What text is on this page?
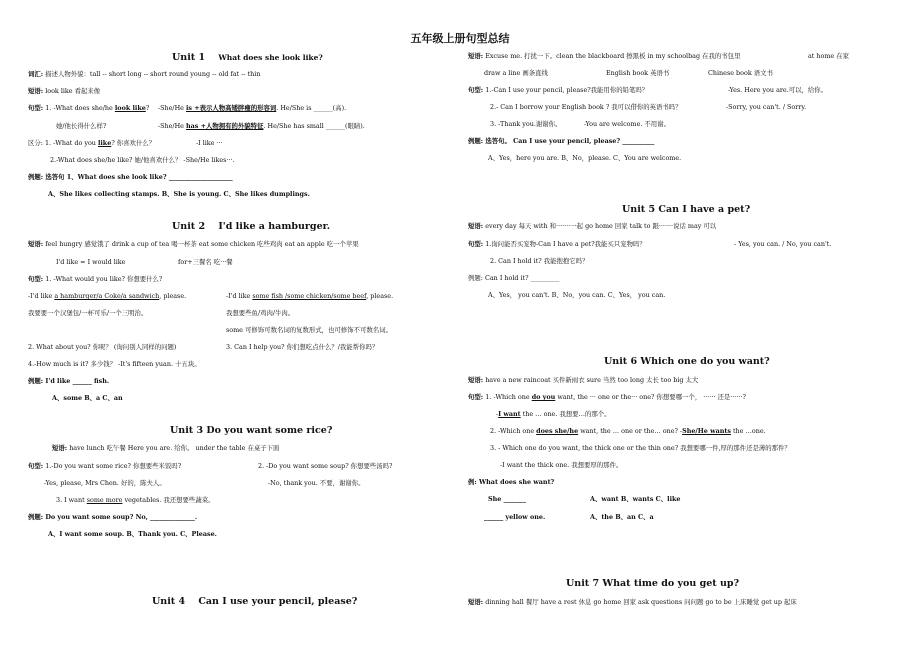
五年级上册句型总结
Unit 1 What does she look like?
词汇: 描述人物外貌：tall -- short long -- short round young -- old fat -- thin
短语: look like 看起来像
句型: 1. -What does she/he look like? -She/He is +表示人物高矮胖瘦的形容词. He/She is ______(高).
她/他长得什么样?	-She/He has +人物拥有的外貌特征. He/She has small ______(眼睛).
区分: 1. -What do you like? 你喜欢什么？	-I like ···
2.-What does she/he like? 她/他喜欢什么？ -She/He likes···.
例题: 选答句 1、What does she look like? ____________________
A、She likes collecting stamps. B、She is young. C、She likes dumplings.
Unit 2 I'd like a hamburger.
短语: feel hungry 感觉饿了 drink a cup of tea 喝一杯茶 eat some chicken 吃些鸡肉 eat an apple 吃一个苹果
I'd like = I would like	for+三餐名 吃···餐
句型: 1. -What would you like? 你想要什么?
-I'd like a hamburger/a Coke/a sandwich, please.	-I'd like some fish /some chicken/some beef, please.
我要要一个汉堡包/一杯可乐/一个三明治。	我想要些鱼/鸡肉/牛肉。
some 可修饰可数名词的复数形式，也可修饰不可数名词。
2. What about you? 你呢？ (询问别人同样的问题)	3. Can I help you? 你们想吃点什么？/我能帮你吗？
4.-How much is it? 多少钱？ -It's fifteen yuan. 十五块。
例题: I'd like ______ fish.
A、some B、a C、an
Unit 3 Do you want some rice?
短语: have lunch 吃午餐 Here you are. 给你。 under the table 在桌子下面
句型: 1.-Do you want some rice? 你想要些米饭吗?	2. -Do you want some soup? 你想要些汤吗?
-Yes, please, Mrs Chen. 好的，陈夫人。	-No, thank you. 不要，谢谢你。
3. I want some more vegetables. 我还想要些蔬菜。
例题: Do you want some soup? No, ______________.
A、I want some soup. B、Thank you. C、Please.
Unit 4 Can I use your pencil, please?
短语: Excuse me. 打扰一下。clean the blackboard 擦黑板 in my schoolbag 在我的书包里	at home 在家
draw a line 画条直线	English book 英语书	Chinese book 语文书
句型: 1.-Can I use your pencil, please?我能用你的铅笔吗？	-Yes. Here you are.可以，给你。
2.- Can I borrow your English book ? 我可以借你的英语书吗？	-Sorry, you can't. / Sorry.
3. -Thank you.谢谢你。	-You are welcome. 不用谢。
例题: 选答句。 Can I use your pencil, please? __________
A、Yes，here you are. B、No，please. C、You are welcome.
Unit 5 Can I have a pet?
短语: every day 每天 with 和·······一起 go home 回家 talk to 跟·······说话 may 可以
句型: 1.询问能否买宠物-Can I have a pet?我能买只宠物吗？	- Yes, you can. / No, you can't.
2. Can I hold it? 我能抱抱它吗？
例题: Can I hold it? _________
A、Yes， you can't. B、No，you can. C、Yes， you can.
Unit 6 Which one do you want?
短语: have a new raincoat 买件新雨衣 sure 当然 too long 太长 too big 太大
句型: 1. -Which one do you want, the ··· one or the··· one? 你想要哪一个， ······ 还是······?
-I want the … one. 我想要…的那个。
2. -Which one does she/he want, the … one or the… one? -She/He wants the …one.
3. - Which one do you want, the thick one or the thin one? 我想要哪一件,厚的那件还是薄的那件？
-I want the thick one. 我想要厚的那件。
例: What does she want?
She _______	A、want B、wants C、like
______ yellow one.	A、the B、an C、a
Unit 7 What time do you get up?
短语: dinning hall 餐厅 have a rest 休息 go home 回家 ask questions 问问题 go to be 上床睡觉 get up 起床
